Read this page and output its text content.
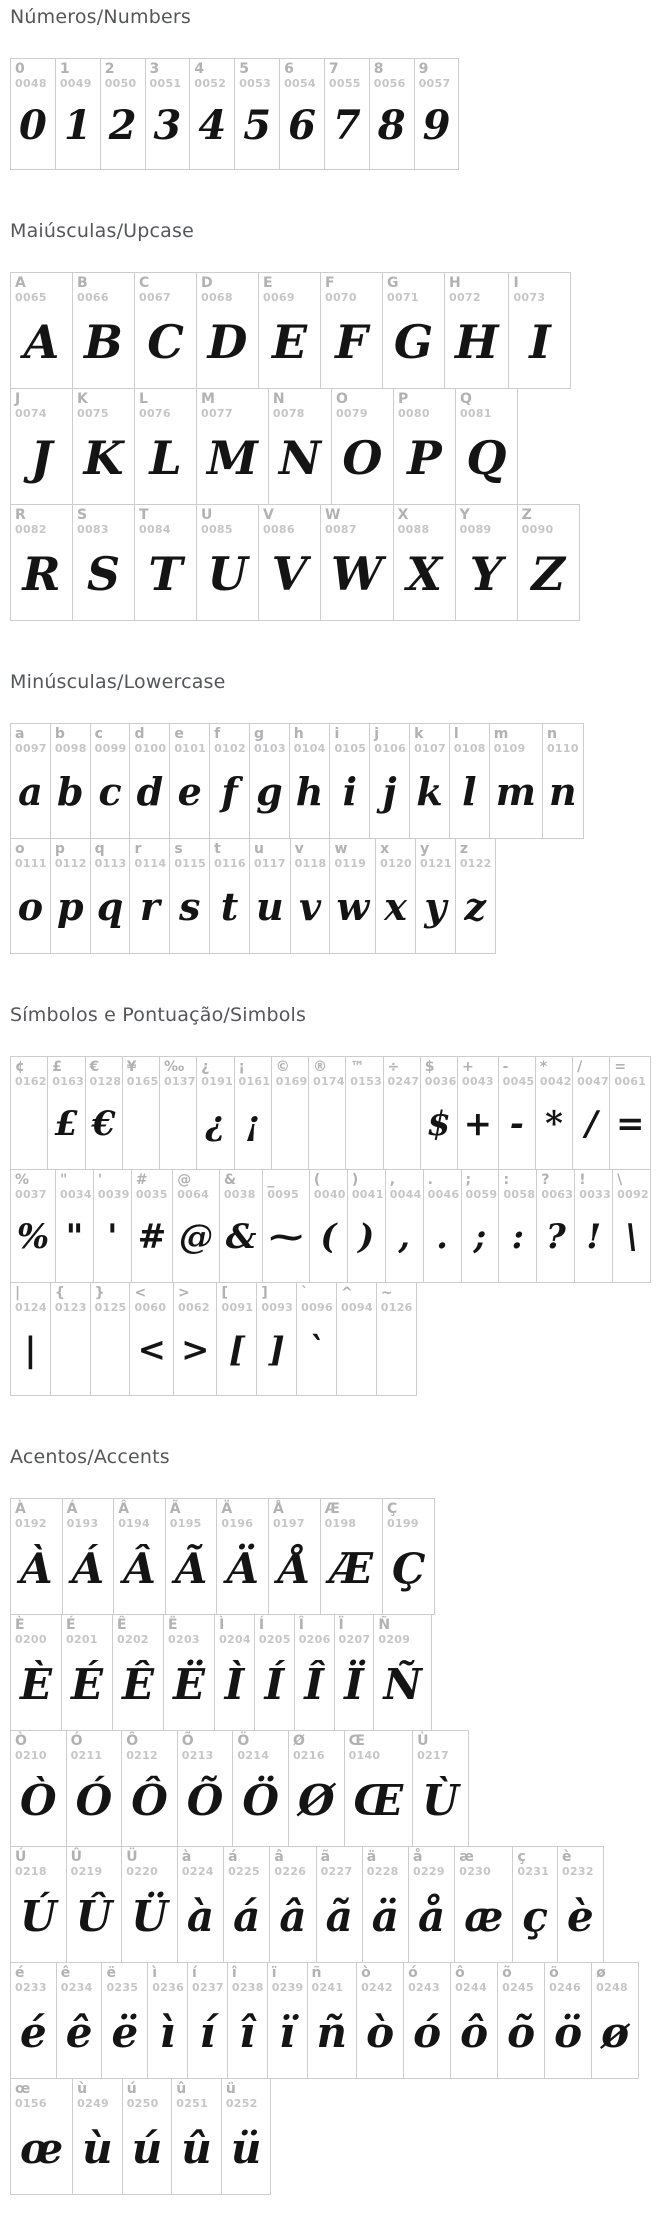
Números/Numbers
0
0048
0
1
0049
1
2
0050
2
3
0051
3
4
0052
4
5
0053
5
6
0054
6
7
0055
7
8
0056
8
9
0057
9
Maiúsculas/Upcase
A
0065
A
B
0066
B
C
0067
C
D
0068
D
E
0069
E
F
0070
F
G
0071
G
H
0072
H
I
0073
I
J
0074
J
K
0075
K
L
0076
L
M
0077
M
N
0078
N
O
0079
O
P
0080
P
Q
0081
Q
R
0082
R
S
0083
S
T
0084
T
U
0085
U
V
0086
V
W
0087
W
X
0088
X
Y
0089
Y
Z
0090
Z
Minúsculas/Lowercase
a
0097
a
b
0098
b
c
0099
c
d
0100
d
e
0101
e
f
0102
f
g
0103
g
h
0104
h
i
0105
i
j
0106
j
k
0107
k
l
0108
l
m
0109
m
n
0110
n
o
0111
o
p
0112
p
q
0113
q
r
0114
r
s
0115
s
t
0116
t
u
0117
u
v
0118
v
w
0119
w
x
0120
x
y
0121
y
z
0122
z
Símbolos e Pontuação/Simbols
¢
0162
£
0163
£
€
0128
€
¥
0165
‰
0137
¿
0191
¿
¡
0161
¡
©
0169
®
0174
™
0153
÷
0247
$
0036
$
+
0043
+
-
0045
-
*
0042
*
/
0047
/
=
0061
=
%
0037
%
"
0034
"
'
0039
'
#
0035
#
@
0064
@
&
0038
&
_
0095
⁓
(
0040
(
)
0041
)
,
0044
,
.
0046
.
;
0059
;
:
0058
:
?
0063
?
!
0033
!
\
0092
\
|
0124
|
{
0123
}
0125
<
0060
<
>
0062
>
[
0091
[
]
0093
]
`
0096
`
^
0094
~
0126
Acentos/Accents
À
0192
À
Á
0193
Á
Â
0194
Â
Ã
0195
Ã
Ä
0196
Ä
Å
0197
Å
Æ
0198
Æ
Ç
0199
Ç
È
0200
È
É
0201
É
Ê
0202
Ê
Ë
0203
Ë
Ì
0204
Ì
Í
0205
Í
Î
0206
Î
Ï
0207
Ï
Ñ
0209
Ñ
Ò
0210
Ò
Ó
0211
Ó
Ô
0212
Ô
Õ
0213
Õ
Ö
0214
Ö
Ø
0216
Ø
Œ
0140
Œ
Ù
0217
Ù
Ú
0218
Ú
Û
0219
Û
Ü
0220
Ü
à
0224
à
á
0225
á
â
0226
â
ã
0227
ã
ä
0228
ä
å
0229
å
æ
0230
æ
ç
0231
ç
è
0232
è
é
0233
é
ê
0234
ê
ë
0235
ë
ì
0236
ì
í
0237
í
î
0238
î
ï
0239
ï
ñ
0241
ñ
ò
0242
ò
ó
0243
ó
ô
0244
ô
õ
0245
õ
ö
0246
ö
ø
0248
ø
œ
0156
œ
ù
0249
ù
ú
0250
ú
û
0251
û
ü
0252
ü
